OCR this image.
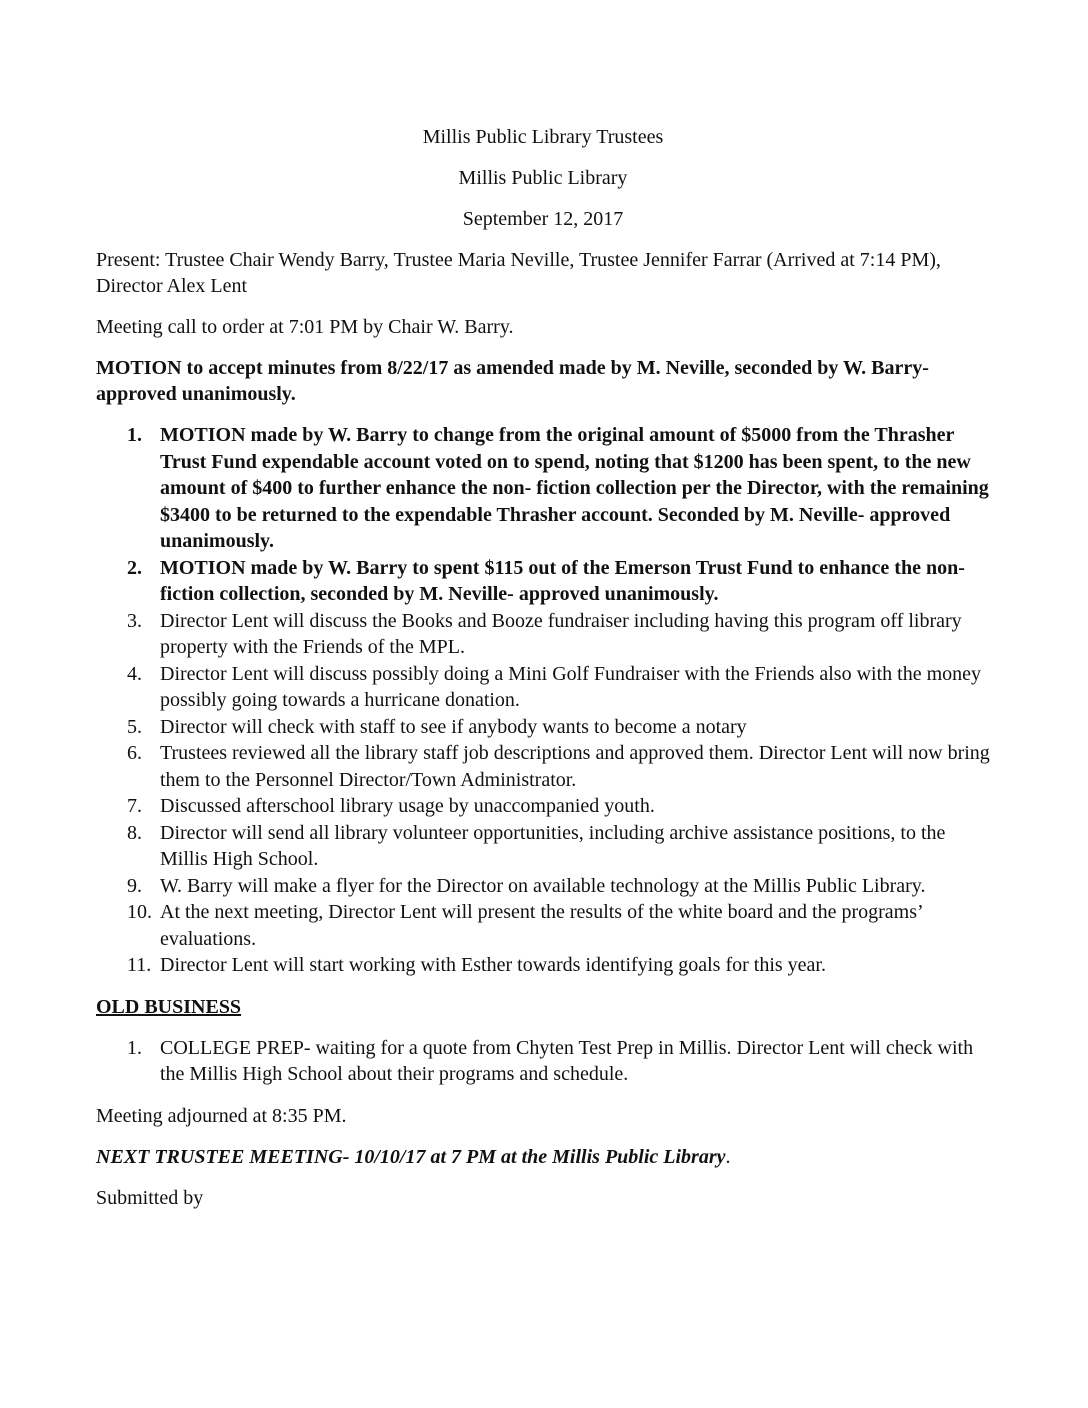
Millis Public Library Trustees
Millis Public Library
September 12, 2017

Present: Trustee Chair Wendy Barry, Trustee Maria Neville, Trustee Jennifer Farrar (Arrived at 7:14 PM), Director Alex Lent

Meeting call to order at 7:01 PM by Chair W. Barry.

MOTION to accept minutes from 8/22/17 as amended made by M. Neville, seconded by W. Barry- approved unanimously.

1. MOTION made by W. Barry to change from the original amount of $5000 from the Thrasher Trust Fund expendable account voted on to spend, noting that $1200 has been spent, to the new amount of $400 to further enhance the non- fiction collection per the Director, with the remaining $3400 to be returned to the expendable Thrasher account. Seconded by M. Neville- approved unanimously.
2. MOTION made by W. Barry to spent $115 out of the Emerson Trust Fund to enhance the non- fiction collection, seconded by M. Neville- approved unanimously.
3. Director Lent will discuss the Books and Booze fundraiser including having this program off library property with the Friends of the MPL.
4. Director Lent will discuss possibly doing a Mini Golf Fundraiser with the Friends also with the money possibly going towards a hurricane donation.
5. Director will check with staff to see if anybody wants to become a notary
6. Trustees reviewed all the library staff job descriptions and approved them. Director Lent will now bring them to the Personnel Director/Town Administrator.
7. Discussed afterschool library usage by unaccompanied youth.
8. Director will send all library volunteer opportunities, including archive assistance positions, to the Millis High School.
9. W. Barry will make a flyer for the Director on available technology at the Millis Public Library.
10. At the next meeting, Director Lent will present the results of the white board and the programs’ evaluations.
11. Director Lent will start working with Esther towards identifying goals for this year.

OLD BUSINESS

1. COLLEGE PREP- waiting for a quote from Chyten Test Prep in Millis. Director Lent will check with the Millis High School about their programs and schedule.

Meeting adjourned at 8:35 PM.

NEXT TRUSTEE MEETING- 10/10/17 at 7 PM at the Millis Public Library.

Submitted by
